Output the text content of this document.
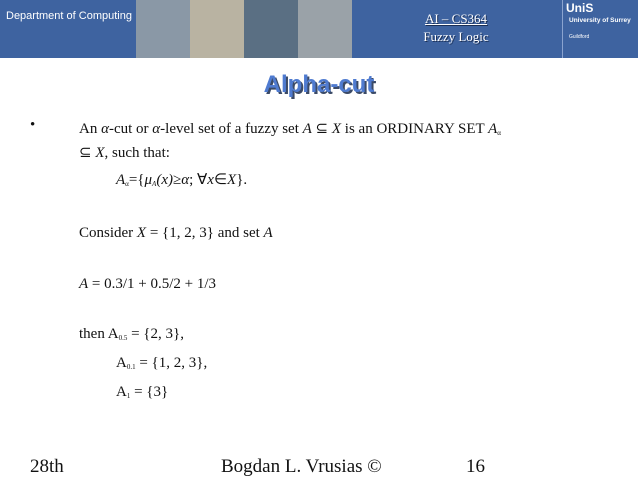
Department of Computing	AI – CS364
Fuzzy Logic
UniS
University of Surrey
Guildford
Alpha-cut
•	An α-cut or α-level set of a fuzzy set A ⊆ X is an ORDINARY SET $A_\alpha$
⊆ X, such that:
$A_\alpha=\{\mu_A(x)\ge\alpha$; ∀x∈X}.
Consider X = {1, 2, 3} and set A
A = 0.3/1 + 0.5/2 + 1/3
then $A_{0.5} = \{2$, 3},
$A_{0.1} = \{1$, 2, 3},
$A_1 = \{3\}$
28th	Bogdan L. Vrusias ©	16
